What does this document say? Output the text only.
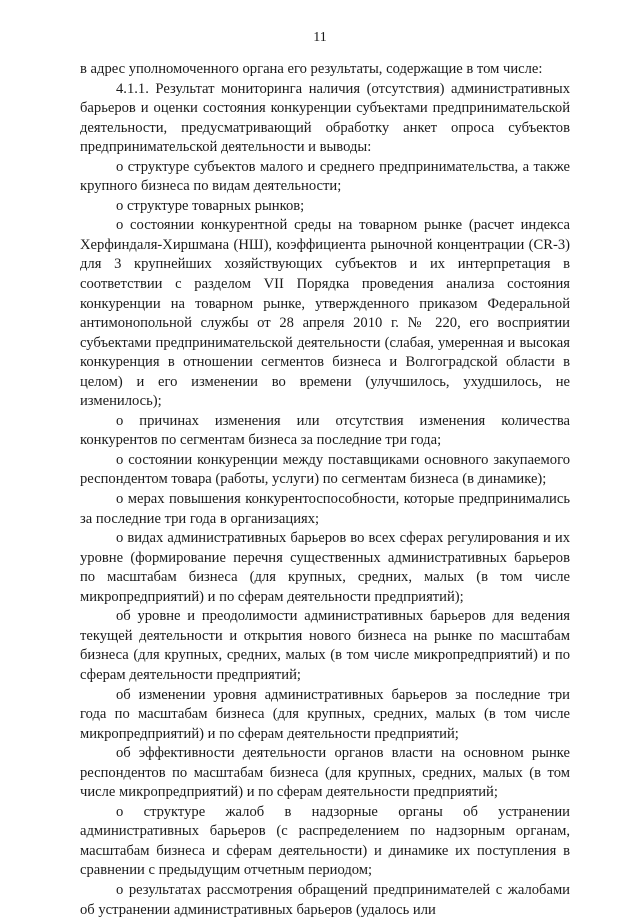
11

в адрес уполномоченного органа его результаты, содержащие в том числе:

4.1.1. Результат мониторинга наличия (отсутствия) административных барьеров и оценки состояния конкуренции субъектами предпринимательской деятельности, предусматривающий обработку анкет опроса субъектов предпринимательской деятельности и выводы:

о структуре субъектов малого и среднего предпринимательства, а также крупного бизнеса по видам деятельности;

о структуре товарных рынков;

о состоянии конкурентной среды на товарном рынке (расчет индекса Херфиндаля-Хиршмана (НШ), коэффициента рыночной концентрации (CR-3) для 3 крупнейших хозяйствующих субъектов и их интерпретация в соответствии с разделом VII Порядка проведения анализа состояния конкуренции на товарном рынке, утвержденного приказом Федеральной антимонопольной службы от 28 апреля 2010 г. № 220, его восприятии субъектами предпринимательской деятельности (слабая, умеренная и высокая конкуренция в отношении сегментов бизнеса и Волгоградской области в целом) и его изменении во времени (улучшилось, ухудшилось, не изменилось);

о причинах изменения или отсутствия изменения количества конкурентов по сегментам бизнеса за последние три года;

о состоянии конкуренции между поставщиками основного закупаемого респондентом товара (работы, услуги) по сегментам бизнеса (в динамике);

о мерах повышения конкурентоспособности, которые предпринимались за последние три года в организациях;

о видах административных барьеров во всех сферах регулирования и их уровне (формирование перечня существенных административных барьеров по масштабам бизнеса (для крупных, средних, малых (в том числе микропредприятий) и по сферам деятельности предприятий);

об уровне и преодолимости административных барьеров для ведения текущей деятельности и открытия нового бизнеса на рынке по масштабам бизнеса (для крупных, средних, малых (в том числе микропредприятий) и по сферам деятельности предприятий;

об изменении уровня административных барьеров за последние три года по масштабам бизнеса (для крупных, средних, малых (в том числе микропредприятий) и по сферам деятельности предприятий;

об эффективности деятельности органов власти на основном рынке респондентов по масштабам бизнеса (для крупных, средних, малых (в том числе микропредприятий) и по сферам деятельности предприятий;

о структуре жалоб в надзорные органы об устранении административных барьеров (с распределением по надзорным органам, масштабам бизнеса и сферам деятельности) и динамике их поступления в сравнении с предыдущим отчетным периодом;

о результатах рассмотрения обращений предпринимателей с жалобами об устранении административных барьеров (удалось или
